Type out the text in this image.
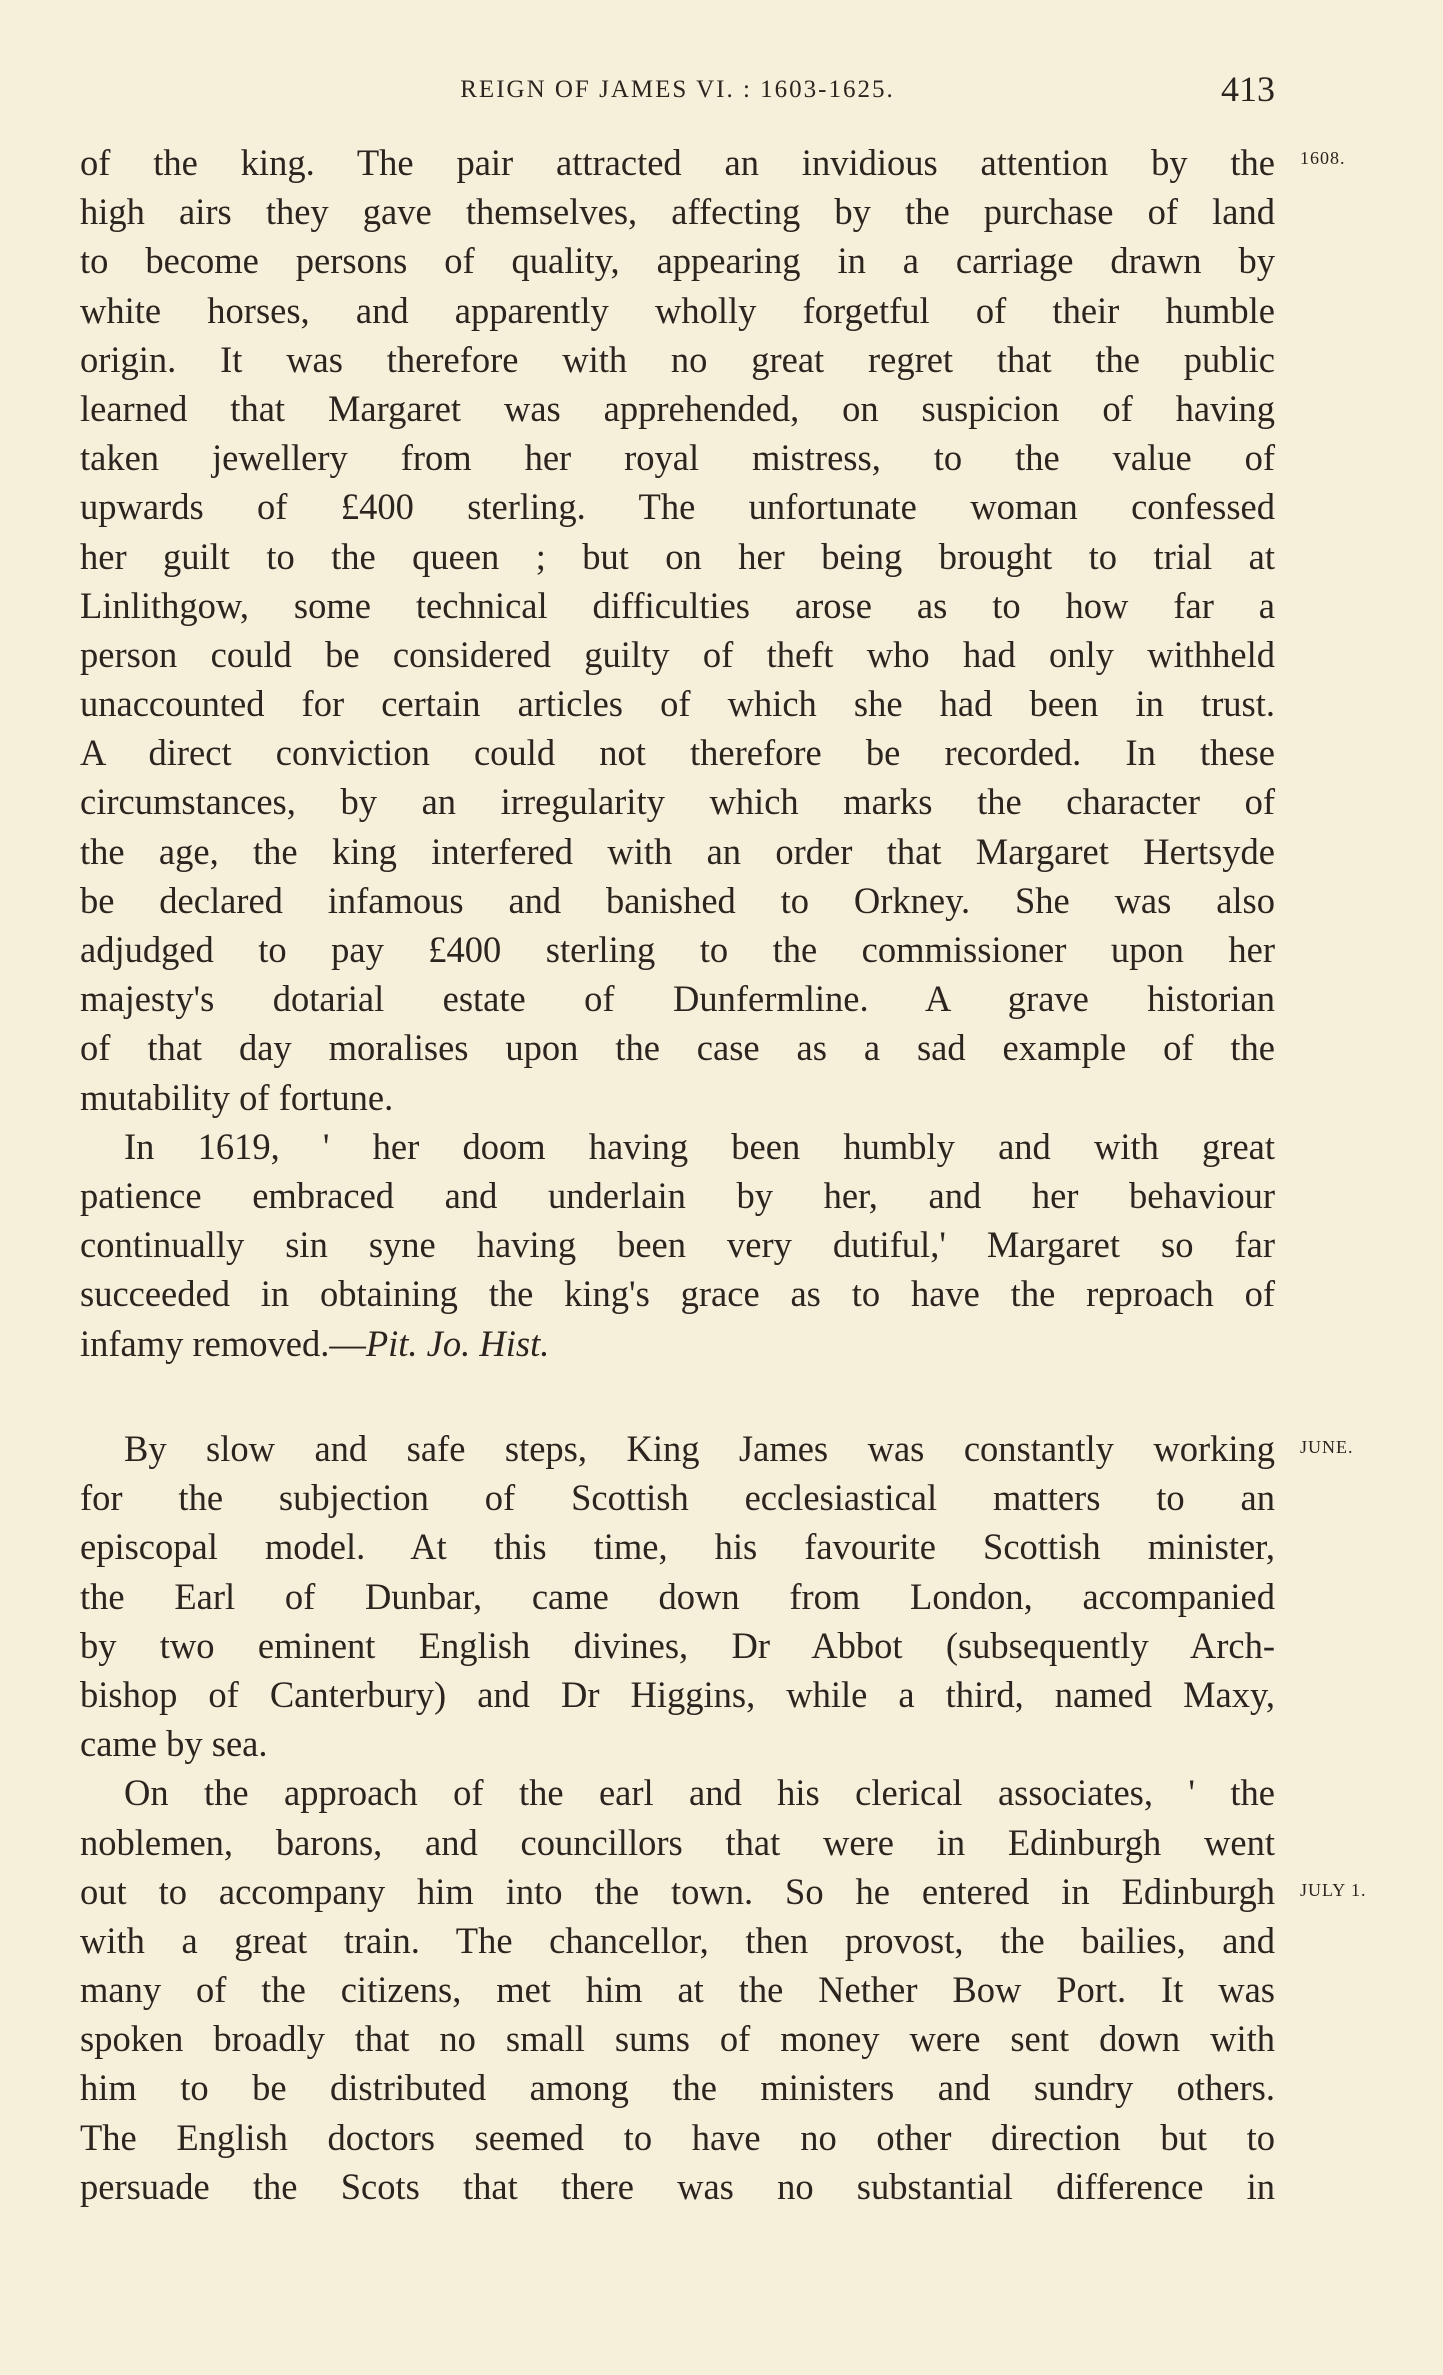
REIGN OF JAMES VI. : 1603-1625.	413
1608.
JUNE.
JULY 1.
of the king. The pair attracted an invidious attention by the
high airs they gave themselves, affecting by the purchase of land
to become persons of quality, appearing in a carriage drawn by
white horses, and apparently wholly forgetful of their humble
origin. It was therefore with no great regret that the public
learned that Margaret was apprehended, on suspicion of having
taken jewellery from her royal mistress, to the value of
upwards of £400 sterling. The unfortunate woman confessed
her guilt to the queen ; but on her being brought to trial at
Linlithgow, some technical difficulties arose as to how far a
person could be considered guilty of theft who had only withheld
unaccounted for certain articles of which she had been in trust.
A direct conviction could not therefore be recorded. In these
circumstances, by an irregularity which marks the character of
the age, the king interfered with an order that Margaret Hertsyde
be declared infamous and banished to Orkney. She was also
adjudged to pay £400 sterling to the commissioner upon her
majesty's dotarial estate of Dunfermline. A grave historian
of that day moralises upon the case as a sad example of the
mutability of fortune.
In 1619, ' her doom having been humbly and with great
patience embraced and underlain by her, and her behaviour
continually sin syne having been very dutiful,' Margaret so far
succeeded in obtaining the king's grace as to have the reproach of
infamy removed.—Pit. Jo. Hist.
By slow and safe steps, King James was constantly working
for the subjection of Scottish ecclesiastical matters to an
episcopal model. At this time, his favourite Scottish minister,
the Earl of Dunbar, came down from London, accompanied
by two eminent English divines, Dr Abbot (subsequently Arch-
bishop of Canterbury) and Dr Higgins, while a third, named Maxy,
came by sea.
On the approach of the earl and his clerical associates, ' the
noblemen, barons, and councillors that were in Edinburgh went
out to accompany him into the town. So he entered in Edinburgh
with a great train. The chancellor, then provost, the bailies, and
many of the citizens, met him at the Nether Bow Port. It was
spoken broadly that no small sums of money were sent down with
him to be distributed among the ministers and sundry others.
The English doctors seemed to have no other direction but to
persuade the Scots that there was no substantial difference in
